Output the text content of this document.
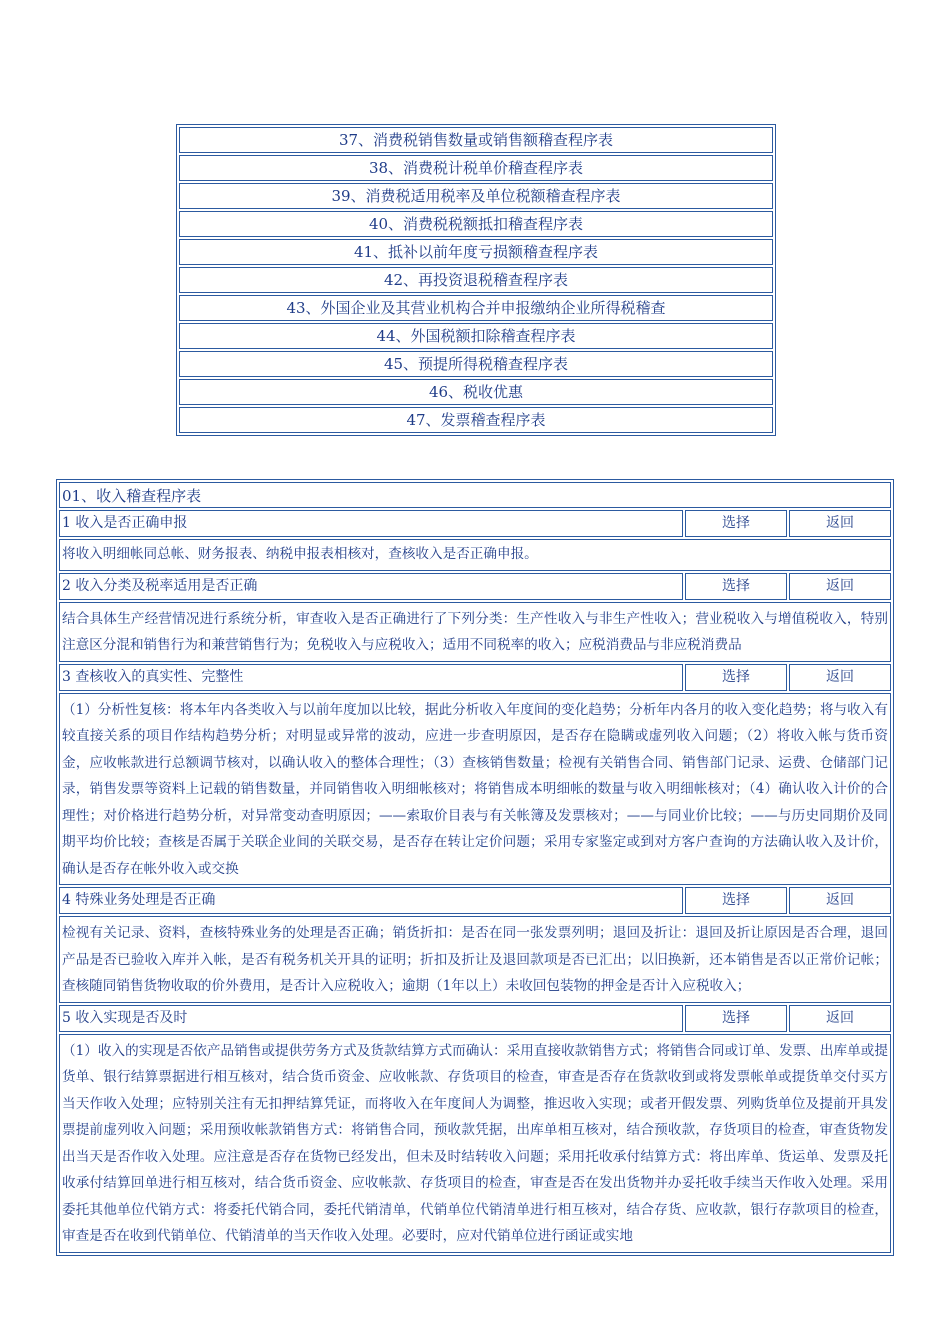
37、消费税销售数量或销售额稽查程序表
38、消费税计税单价稽查程序表
39、消费税适用税率及单位税额稽查程序表
40、消费税税额抵扣稽查程序表
41、抵补以前年度亏损额稽查程序表
42、再投资退税稽查程序表
43、外国企业及其营业机构合并申报缴纳企业所得税稽查
44、外国税额扣除稽查程序表
45、预提所得税稽查程序表
46、税收优惠
47、发票稽查程序表
01、收入稽查程序表
1 收入是否正确申报	选择	返回
将收入明细帐同总帐、财务报表、纳税申报表相核对，查核收入是否正确申报。
2 收入分类及税率适用是否正确	选择	返回
结合具体生产经营情况进行系统分析，审查收入是否正确进行了下列分类：生产性收入与非生产性收入；营业税收入与增值税收入，特别注意区分混和销售行为和兼营销售行为；免税收入与应税收入；适用不同税率的收入；应税消费品与非应税消费品
3 查核收入的真实性、完整性	选择	返回
（1）分析性复核：将本年内各类收入与以前年度加以比较，据此分析收入年度间的变化趋势；分析年内各月的收入变化趋势；将与收入有较直接关系的项目作结构趋势分析；对明显或异常的波动，应进一步查明原因，是否存在隐瞒或虚列收入问题；（2）将收入帐与货币资金，应收帐款进行总额调节核对，以确认收入的整体合理性；（3）查核销售数量；检视有关销售合同、销售部门记录、运费、仓储部门记录，销售发票等资料上记载的销售数量，并同销售收入明细帐核对；将销售成本明细帐的数量与收入明细帐核对；（4）确认收入计价的合理性；对价格进行趋势分析，对异常变动查明原因；——索取价目表与有关帐簿及发票核对；——与同业价比较；——与历史同期价及同期平均价比较；查核是否属于关联企业间的关联交易，是否存在转让定价问题；采用专家鉴定或到对方客户查询的方法确认收入及计价，确认是否存在帐外收入或交换
4 特殊业务处理是否正确	选择	返回
检视有关记录、资料，查核特殊业务的处理是否正确；销货折扣：是否在同一张发票列明；退回及折让：退回及折让原因是否合理，退回产品是否已验收入库并入帐，是否有税务机关开具的证明；折扣及折让及退回款项是否已汇出；以旧换新，还本销售是否以正常价记帐；查核随同销售货物收取的价外费用，是否计入应税收入；逾期（1年以上）未收回包装物的押金是否计入应税收入；
5 收入实现是否及时	选择	返回
（1）收入的实现是否依产品销售或提供劳务方式及货款结算方式而确认：采用直接收款销售方式；将销售合同或订单、发票、出库单或提货单、银行结算票据进行相互核对，结合货币资金、应收帐款、存货项目的检查，审查是否存在货款收到或将发票帐单或提货单交付买方当天作收入处理；应特别关注有无扣押结算凭证，而将收入在年度间人为调整，推迟收入实现；或者开假发票、列购货单位及提前开具发票提前虚列收入问题；采用预收帐款销售方式：将销售合同，预收款凭据，出库单相互核对，结合预收款，存货项目的检查，审查货物发出当天是否作收入处理。应注意是否存在货物已经发出，但未及时结转收入问题；采用托收承付结算方式：将出库单、货运单、发票及托收承付结算回单进行相互核对，结合货币资金、应收帐款、存货项目的检查，审查是否在发出货物并办妥托收手续当天作收入处理。采用委托其他单位代销方式：将委托代销合同，委托代销清单，代销单位代销清单进行相互核对，结合存货、应收款，银行存款项目的检查，审查是否在收到代销单位、代销清单的当天作收入处理。必要时，应对代销单位进行函证或实地
